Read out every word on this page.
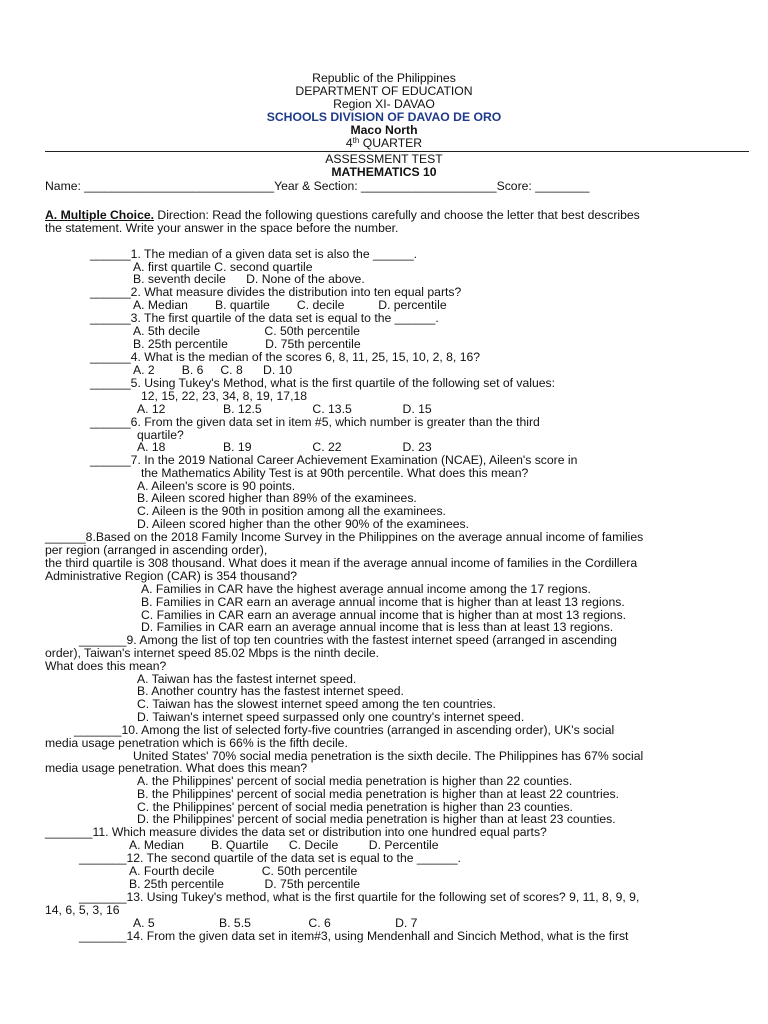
Republic of the Philippines
DEPARTMENT OF EDUCATION
Region XI- DAVAO
SCHOOLS DIVISION OF DAVAO DE ORO
Maco North
4th QUARTER
ASSESSMENT TEST
MATHEMATICS 10
Name: ____________________________Year & Section: ____________________Score: ________
A. Multiple Choice. Direction: Read the following questions carefully and choose the letter that best describes
the statement. Write your answer in the space before the number.
______1. The median of a given data set is also the ______.
A. first quartile C. second quartile
B. seventh decile      D. None of the above.
______2. What measure divides the distribution into ten equal parts?
A. Median        B. quartile        C. decile          D. percentile
______3. The first quartile of the data set is equal to the ______.
A. 5th decile                   C. 50th percentile
B. 25th percentile           D. 75th percentile
______4. What is the median of the scores 6, 8, 11, 25, 15, 10, 2, 8, 16?
A. 2        B. 6     C. 8      D. 10
______5. Using Tukey's Method, what is the first quartile of the following set of values:
12, 15, 22, 23, 34, 8, 19, 17,18
A. 12                 B. 12.5               C. 13.5               D. 15
______6. From the given data set in item #5, which number is greater than the third
quartile?
A. 18                 B. 19                  C. 22                  D. 23
______7. In the 2019 National Career Achievement Examination (NCAE), Aileen's score in
the Mathematics Ability Test is at 90th percentile. What does this mean?
A. Aileen's score is 90 points.
B. Aileen scored higher than 89% of the examinees.
C. Aileen is the 90th in position among all the examinees.
D. Aileen scored higher than the other 90% of the examinees.
______8.Based on the 2018 Family Income Survey in the Philippines on the average annual income of families
per region (arranged in ascending order),
the third quartile is 308 thousand. What does it mean if the average annual income of families in the Cordillera
Administrative Region (CAR) is 354 thousand?
A. Families in CAR have the highest average annual income among the 17 regions.
B. Families in CAR earn an average annual income that is higher than at least 13 regions.
C. Families in CAR earn an average annual income that is higher than at most 13 regions.
D. Families in CAR earn an average annual income that is less than at least 13 regions.
_______9. Among the list of top ten countries with the fastest internet speed (arranged in ascending
order), Taiwan's internet speed 85.02 Mbps is the ninth decile.
What does this mean?
A. Taiwan has the fastest internet speed.
B. Another country has the fastest internet speed.
C. Taiwan has the slowest internet speed among the ten countries.
D. Taiwan's internet speed surpassed only one country's internet speed.
_______10. Among the list of selected forty-five countries (arranged in ascending order), UK's social
media usage penetration which is 66% is the fifth decile.
United States' 70% social media penetration is the sixth decile. The Philippines has 67% social
media usage penetration. What does this mean?
A. the Philippines' percent of social media penetration is higher than 22 counties.
B. the Philippines' percent of social media penetration is higher than at least 22 countries.
C. the Philippines' percent of social media penetration is higher than 23 counties.
D. the Philippines' percent of social media penetration is higher than at least 23 counties.
_______11. Which measure divides the data set or distribution into one hundred equal parts?
A. Median        B. Quartile      C. Decile         D. Percentile
_______12. The second quartile of the data set is equal to the ______.
A. Fourth decile              C. 50th percentile
B. 25th percentile            D. 75th percentile
_______13. Using Tukey's method, what is the first quartile for the following set of scores? 9, 11, 8, 9, 9,
14, 6, 5, 3, 16
A. 5                   B. 5.5                 C. 6                   D. 7
_______14. From the given data set in item#3, using Mendenhall and Sincich Method, what is the first
